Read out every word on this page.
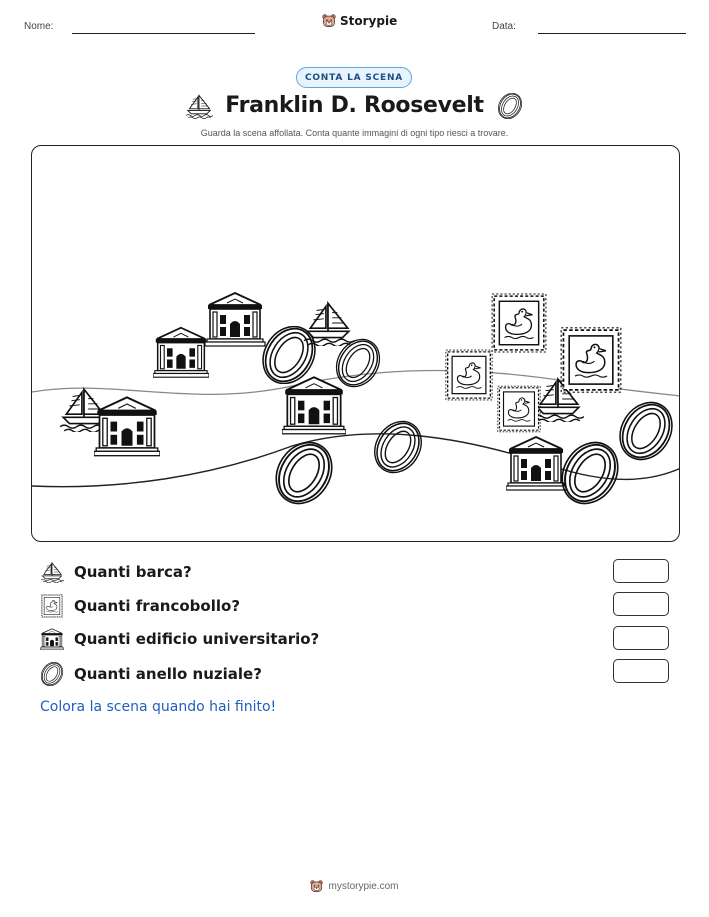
Nome:	Storypie	Data:
CONTA LA SCENA
Franklin D. Roosevelt
Guarda la scena affollata. Conta quante immagini di ogni tipo riesci a trovare.
Quanti barca?
Quanti francobollo?
Quanti edificio universitario?
Quanti anello nuziale?
Colora la scena quando hai finito!
mystorypie.com
